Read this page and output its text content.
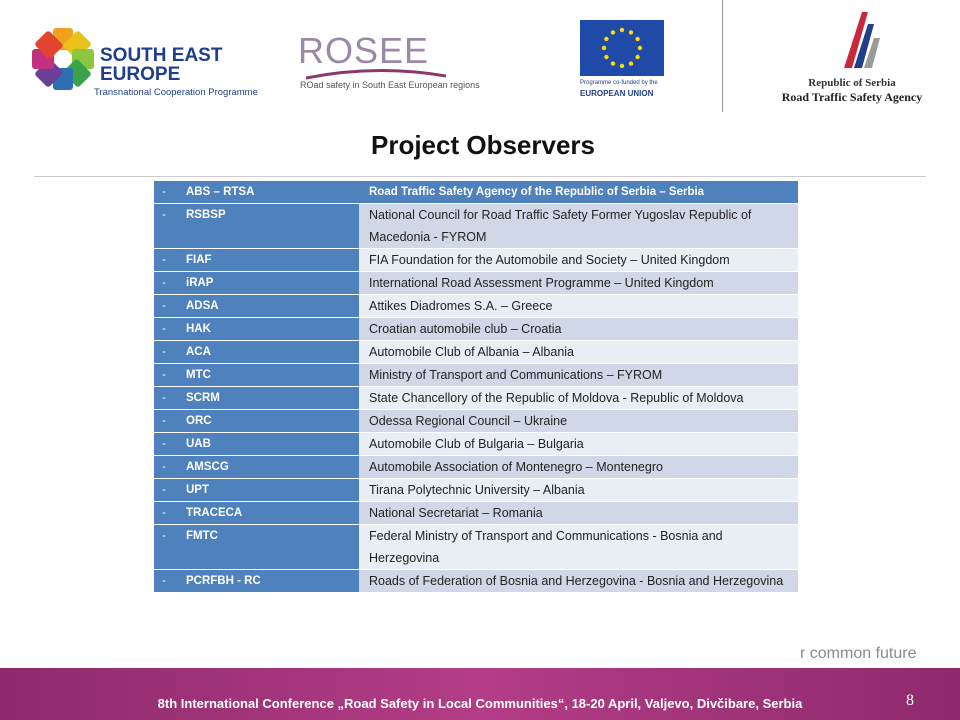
SOUTH EAST
EUROPE
Transnational Cooperation Programme
ROSEE
ROad safety in South East European regions	Programme co-funded by the
EUROPEAN UNION
Republic of Serbia
Road Traffic Safety Agency
Project Observers
- ABS – RTSA	Road Traffic Safety Agency of the Republic of Serbia – Serbia
- RSBSP	National Council for Road Traffic Safety Former Yugoslav Republic of Macedonia - FYROM
- FIAF	FIA Foundation for the Automobile and Society – United Kingdom
- iRAP	International Road Assessment Programme – United Kingdom
- ADSA	Attikes Diadromes S.A. – Greece
- HAK	Croatian automobile club – Croatia
- ACA	Automobile Club of Albania – Albania
- MTC	Ministry of Transport and Communications – FYROM
- SCRM	State Chancellory of the Republic of Moldova - Republic of Moldova
- ORC	Odessa Regional Council – Ukraine
- UAB	Automobile Club of Bulgaria – Bulgaria
- AMSCG	Automobile Association of Montenegro – Montenegro
- UPT	Tirana Polytechnic University – Albania
- TRACECA	National Secretariat – Romania
- FMTC	Federal Ministry of Transport and Communications - Bosnia and Herzegovina
- PCRFBH - RC	Roads of Federation of Bosnia and Herzegovina - Bosnia and Herzegovina
r common future
8th International Conference „Road Safety in Local Communities“, 18-20 April, Valjevo, Divčibare, Serbia	8
